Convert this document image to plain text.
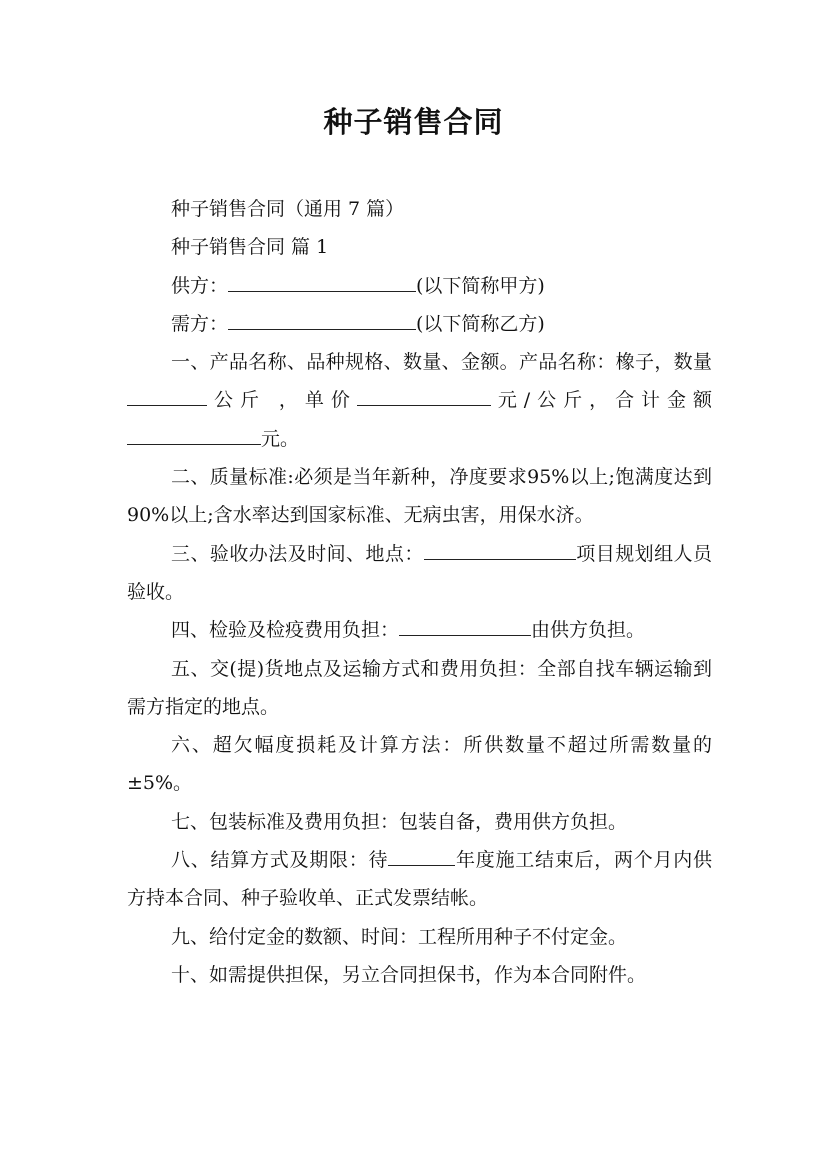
种子销售合同

种子销售合同（通用 7 篇）

种子销售合同 篇 1

供方：	(以下简称甲方)

需方：	(以下简称乙方)

一、产品名称、品种规格、数量、金额。产品名称：橡子，数量公斤 ，单价	元/公斤，合计金额元。

二、质量标准:必须是当年新种，净度要求95%以上;饱满度达到90%以上;含水率达到国家标准、无病虫害，用保水济。

三、验收办法及时间、地点：	项目规划组人员验收。

四、检验及检疫费用负担：	由供方负担。

五、交(提)货地点及运输方式和费用负担：全部自找车辆运输到需方指定的地点。

六、超欠幅度损耗及计算方法：所供数量不超过所需数量的±5%。

七、包装标准及费用负担：包装自备，费用供方负担。

八、结算方式及期限：待	年度施工结束后，两个月内供方持本合同、种子验收单、正式发票结帐。

九、给付定金的数额、时间：工程所用种子不付定金。

十、如需提供担保，另立合同担保书，作为本合同附件。
